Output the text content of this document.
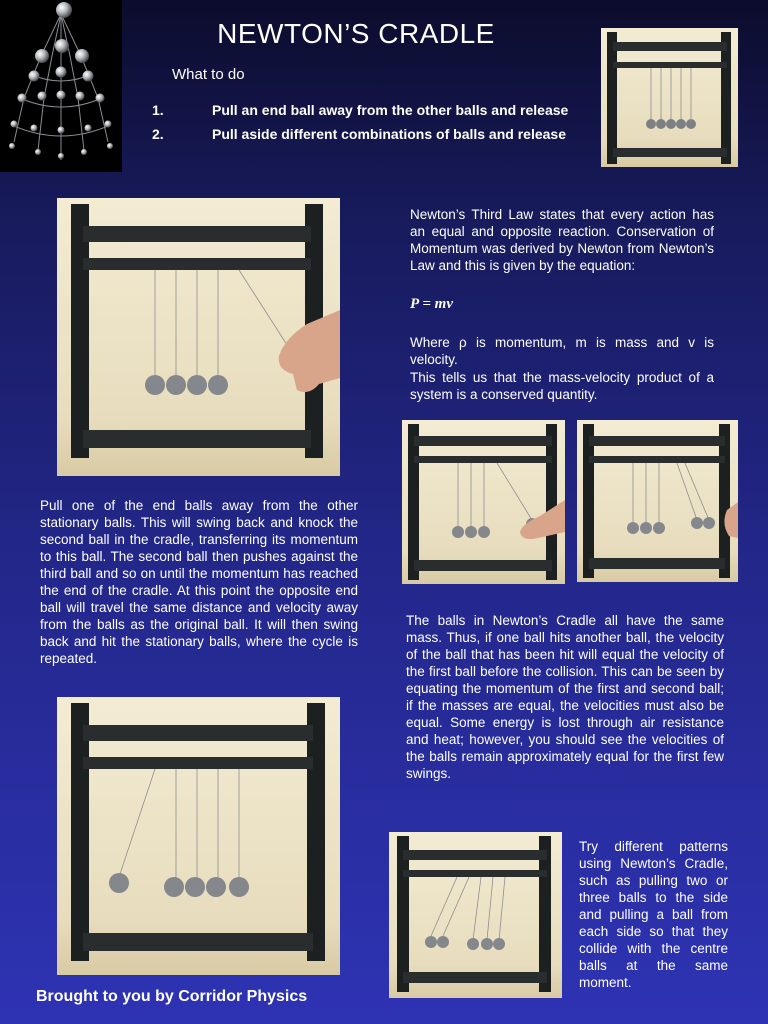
NEWTON’S CRADLE
What to do
1.	Pull an end ball away from the other balls and release
2.	Pull aside different combinations of balls and release
Newton’s Third Law states that every action has an equal and opposite reaction. Conservation of Momentum was derived by Newton from Newton’s Law and this is given by the equation:
P = mv
Where ρ is momentum, m is mass and v is velocity.
This tells us that the mass-velocity product of a system is a conserved quantity.
Pull one of the end balls away from the other stationary balls. This will swing back and knock the second ball in the cradle, transferring its momentum to this ball. The second ball then pushes against the third ball and so on until the momentum has reached the end of the cradle. At this point the opposite end ball will travel the same distance and velocity away from the balls as the original ball. It will then swing back and hit the stationary balls, where the cycle is repeated.
The balls in Newton’s Cradle all have the same mass. Thus, if one ball hits another ball, the velocity of the ball that has been hit will equal the velocity of the first ball before the collision. This can be seen by equating the momentum of the first and second ball; if the masses are equal, the velocities must also be equal. Some energy is lost through air resistance and heat; however, you should see the velocities of the balls remain approximately equal for the first few swings.
Try different patterns using Newton’s Cradle, such as pulling two or three balls to the side and pulling a ball from each side so that they collide with the centre balls at the same moment.
Brought to you by Corridor Physics
